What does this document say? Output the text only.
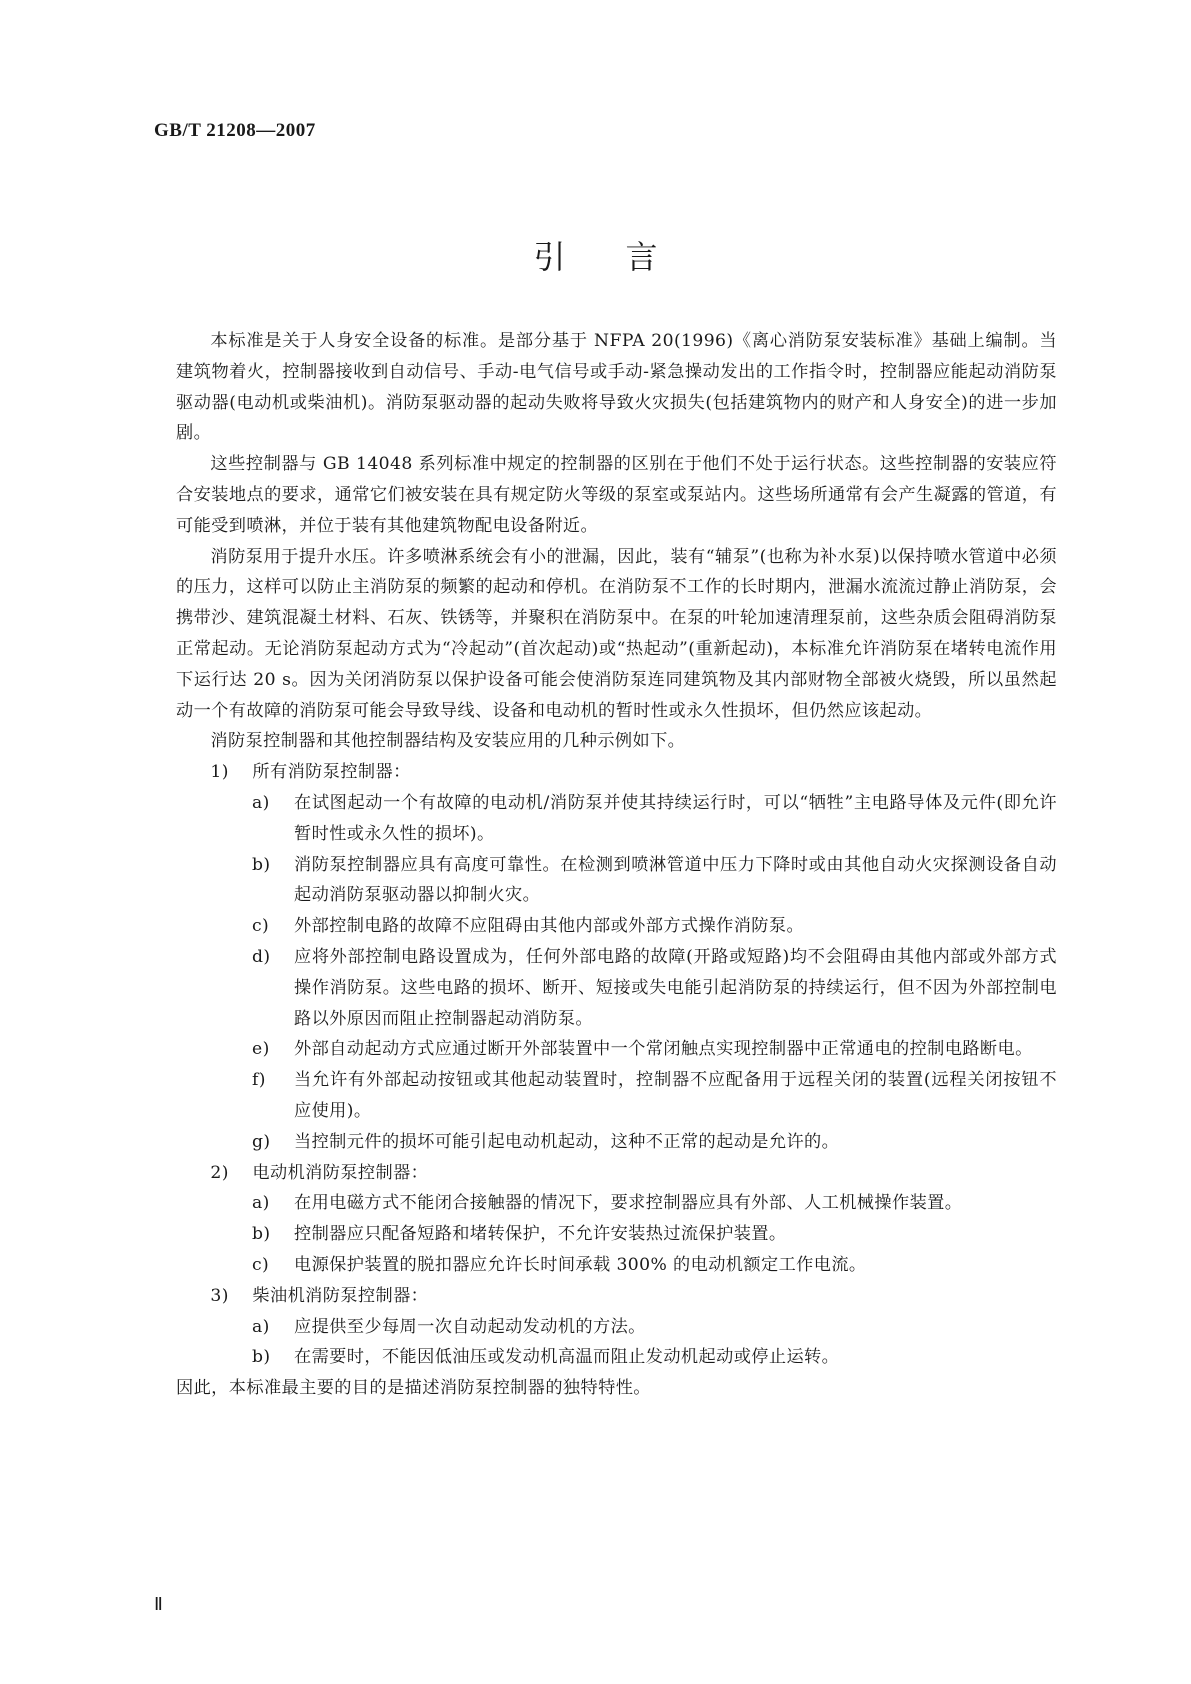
GB/T 21208—2007
引言

本标准是关于人身安全设备的标准。是部分基于 NFPA 20(1996)《离心消防泵安装标准》基础上编制。当建筑物着火，控制器接收到自动信号、手动-电气信号或手动-紧急操动发出的工作指令时，控制器应能起动消防泵驱动器(电动机或柴油机)。消防泵驱动器的起动失败将导致火灾损失(包括建筑物内的财产和人身安全)的进一步加剧。

这些控制器与 GB 14048 系列标准中规定的控制器的区别在于他们不处于运行状态。这些控制器的安装应符合安装地点的要求，通常它们被安装在具有规定防火等级的泵室或泵站内。这些场所通常有会产生凝露的管道，有可能受到喷淋，并位于装有其他建筑物配电设备附近。

消防泵用于提升水压。许多喷淋系统会有小的泄漏，因此，装有“辅泵”(也称为补水泵)以保持喷水管道中必须的压力，这样可以防止主消防泵的频繁的起动和停机。在消防泵不工作的长时期内，泄漏水流流过静止消防泵，会携带沙、建筑混凝土材料、石灰、铁锈等，并聚积在消防泵中。在泵的叶轮加速清理泵前，这些杂质会阻碍消防泵正常起动。无论消防泵起动方式为“冷起动”(首次起动)或“热起动”(重新起动)，本标准允许消防泵在堵转电流作用下运行达 20 s。因为关闭消防泵以保护设备可能会使消防泵连同建筑物及其内部财物全部被火烧毁，所以虽然起动一个有故障的消防泵可能会导致导线、设备和电动机的暂时性或永久性损坏，但仍然应该起动。

消防泵控制器和其他控制器结构及安装应用的几种示例如下。

1)	所有消防泵控制器：
a)	在试图起动一个有故障的电动机/消防泵并使其持续运行时，可以“牺牲”主电路导体及元件(即允许暂时性或永久性的损坏)。
b)	消防泵控制器应具有高度可靠性。在检测到喷淋管道中压力下降时或由其他自动火灾探测设备自动起动消防泵驱动器以抑制火灾。
c)	外部控制电路的故障不应阻碍由其他内部或外部方式操作消防泵。
d)	应将外部控制电路设置成为，任何外部电路的故障(开路或短路)均不会阻碍由其他内部或外部方式操作消防泵。这些电路的损坏、断开、短接或失电能引起消防泵的持续运行，但不因为外部控制电路以外原因而阻止控制器起动消防泵。
e)	外部自动起动方式应通过断开外部装置中一个常闭触点实现控制器中正常通电的控制电路断电。
f)	当允许有外部起动按钮或其他起动装置时，控制器不应配备用于远程关闭的装置(远程关闭按钮不应使用)。
g)	当控制元件的损坏可能引起电动机起动，这种不正常的起动是允许的。
2)	电动机消防泵控制器：
a)	在用电磁方式不能闭合接触器的情况下，要求控制器应具有外部、人工机械操作装置。
b)	控制器应只配备短路和堵转保护，不允许安装热过流保护装置。
c)	电源保护装置的脱扣器应允许长时间承载 300% 的电动机额定工作电流。
3)	柴油机消防泵控制器：
a)	应提供至少每周一次自动起动发动机的方法。
b)	在需要时，不能因低油压或发动机高温而阻止发动机起动或停止运转。

因此，本标准最主要的目的是描述消防泵控制器的独特特性。

Ⅱ
